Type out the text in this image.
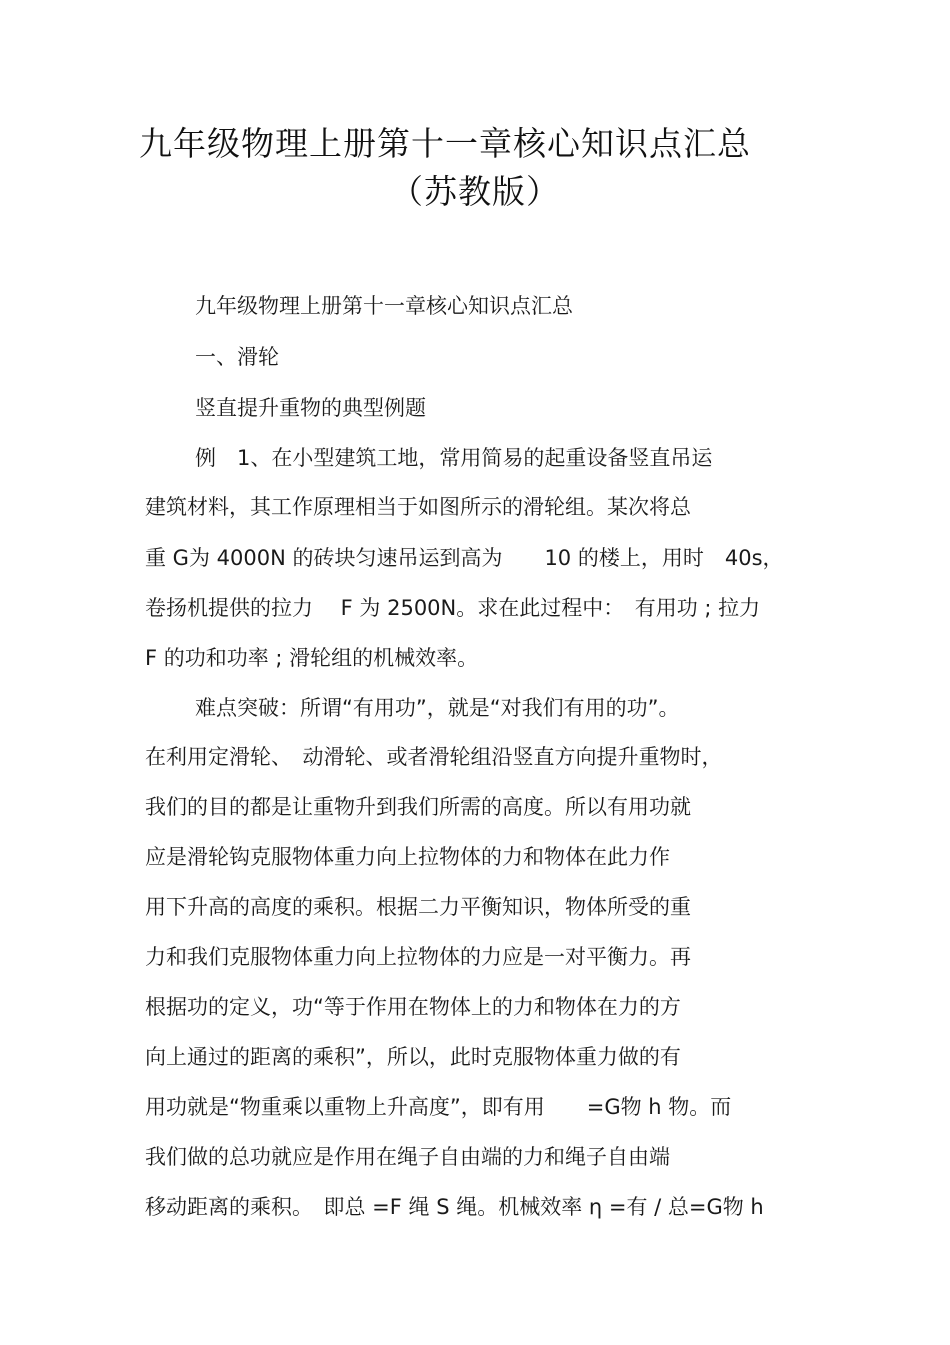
九年级物理上册第十一章核心知识点汇总
（苏教版）
九年级物理上册第十一章核心知识点汇总
一、滑轮
竖直提升重物的典型例题
例　1、在小型建筑工地，常用简易的起重设备竖直吊运
建筑材料，其工作原理相当于如图所示的滑轮组。某次将总
重 G为 4000N 的砖块匀速吊运到高为　　10 的楼上，用时　40s，
卷扬机提供的拉力　 F 为 2500N。求在此过程中：　有用功 ; 拉力
F 的功和功率 ; 滑轮组的机械效率。
难点突破：所谓“有用功”，就是“对我们有用的功”。
在利用定滑轮、　动滑轮、或者滑轮组沿竖直方向提升重物时，
我们的目的都是让重物升到我们所需的高度。所以有用功就
应是滑轮钩克服物体重力向上拉物体的力和物体在此力作
用下升高的高度的乘积。根据二力平衡知识，物体所受的重
力和我们克服物体重力向上拉物体的力应是一对平衡力。再
根据功的定义，功“等于作用在物体上的力和物体在力的方
向上通过的距离的乘积”，所以，此时克服物体重力做的有
用功就是“物重乘以重物上升高度”，即有用　　=G物 h 物。而
我们做的总功就应是作用在绳子自由端的力和绳子自由端
移动距离的乘积。　即总 =F 绳 S 绳。机械效率 η =有 / 总=G物 h
